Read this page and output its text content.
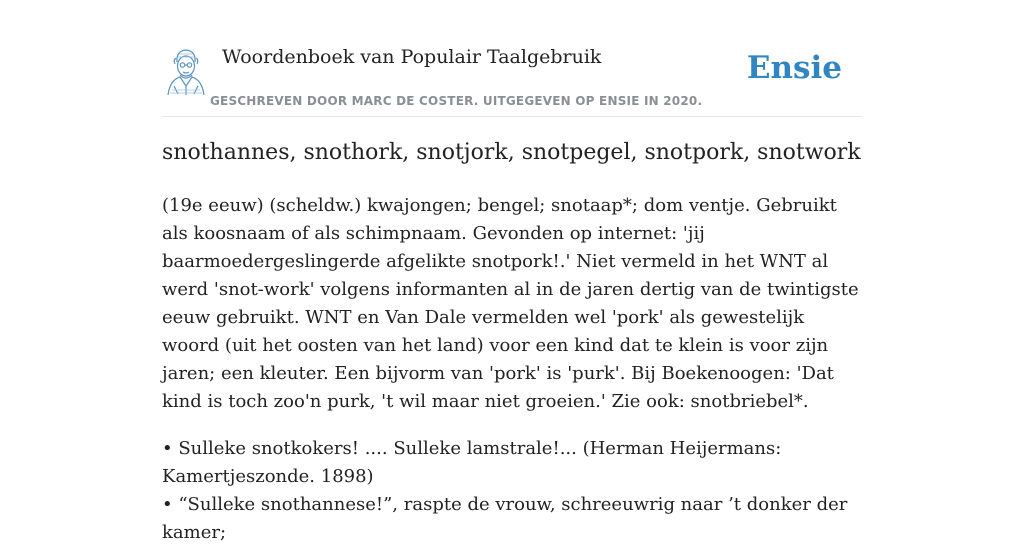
Woordenboek van Populair Taalgebruik
GESCHREVEN DOOR MARC DE COSTER. UITGEGEVEN OP ENSIE IN 2020.
Ensie
snothannes, snothork, snotjork, snotpegel, snotpork, snotwork

(19e eeuw) (scheldw.) kwajongen; bengel; snotaap*; dom ventje. Gebruikt als koosnaam of als schimpnaam. Gevonden op internet: 'jij baarmoedergeslingerde afgelikte snotpork!.' Niet vermeld in het WNT al werd 'snot-work' volgens informanten al in de jaren dertig van de twintigste eeuw gebruikt. WNT en Van Dale vermelden wel 'pork' als gewestelijk woord (uit het oosten van het land) voor een kind dat te klein is voor zijn jaren; een kleuter. Een bijvorm van 'pork' is 'purk'. Bij Boekenoogen: 'Dat kind is toch zoo'n purk, 't wil maar niet groeien.' Zie ook: snotbriebel*.

• Sulleke snotkokers! .... Sulleke lamstrale!... (Herman Heijermans: Kamertjeszonde. 1898)
• “Sulleke snothannese!”, raspte de vrouw, schreeuwrig naar ’t donker der kamer;
